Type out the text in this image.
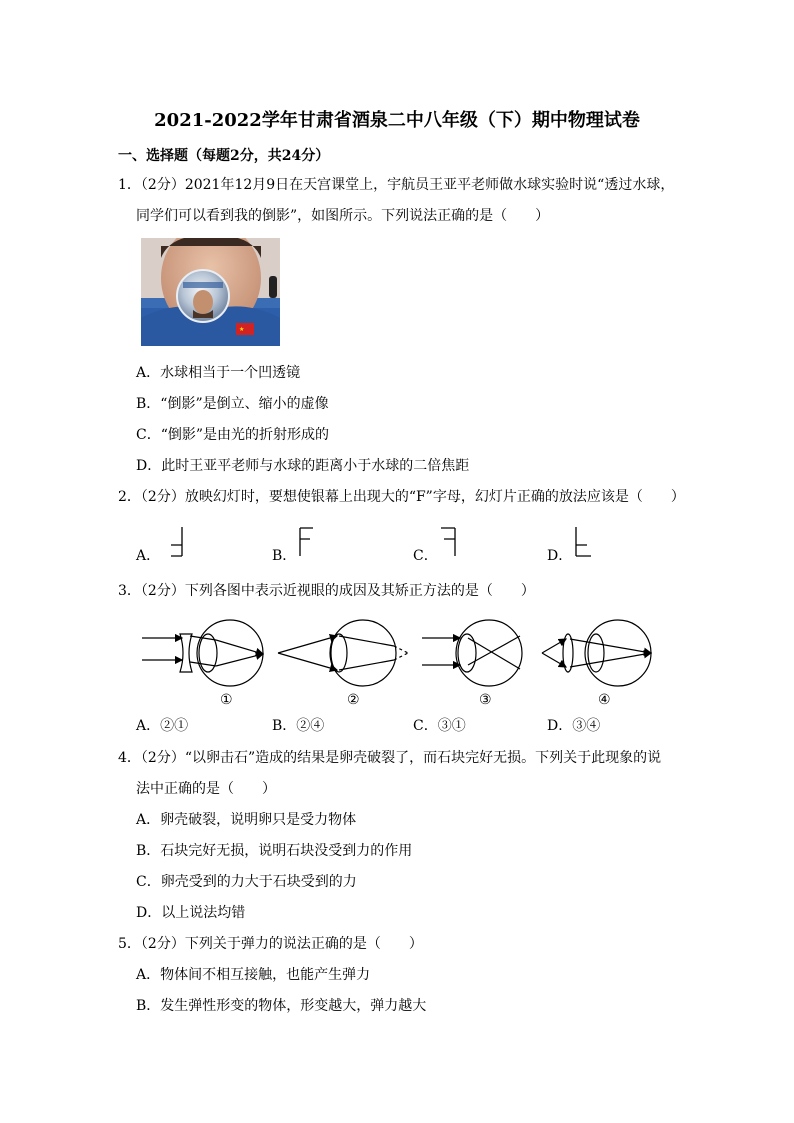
2021-2022学年甘肃省酒泉二中八年级（下）期中物理试卷
一、选择题（每题2分，共24分）
1．（2分）2021年12月9日在天宫课堂上，宇航员王亚平老师做水球实验时说“透过水球，
同学们可以看到我的倒影”，如图所示。下列说法正确的是（　　）
★
A．水球相当于一个凹透镜
B．“倒影”是倒立、缩小的虚像
C．“倒影”是由光的折射形成的
D．此时王亚平老师与水球的距离小于水球的二倍焦距
2．（2分）放映幻灯时，要想使银幕上出现大的“F”字母，幻灯片正确的放法应该是（　　）
A．	B．	C．	D．
3．（2分）下列各图中表示近视眼的成因及其矫正方法的是（　　）
①	②	③	④
A．②①	B．②④	C．③①	D．③④
4．（2分）“以卵击石”造成的结果是卵壳破裂了，而石块完好无损。下列关于此现象的说
法中正确的是（　　）
A．卵壳破裂，说明卵只是受力物体
B．石块完好无损，说明石块没受到力的作用
C．卵壳受到的力大于石块受到的力
D．以上说法均错
5．（2分）下列关于弹力的说法正确的是（　　）
A．物体间不相互接触，也能产生弹力
B．发生弹性形变的物体，形变越大，弹力越大
